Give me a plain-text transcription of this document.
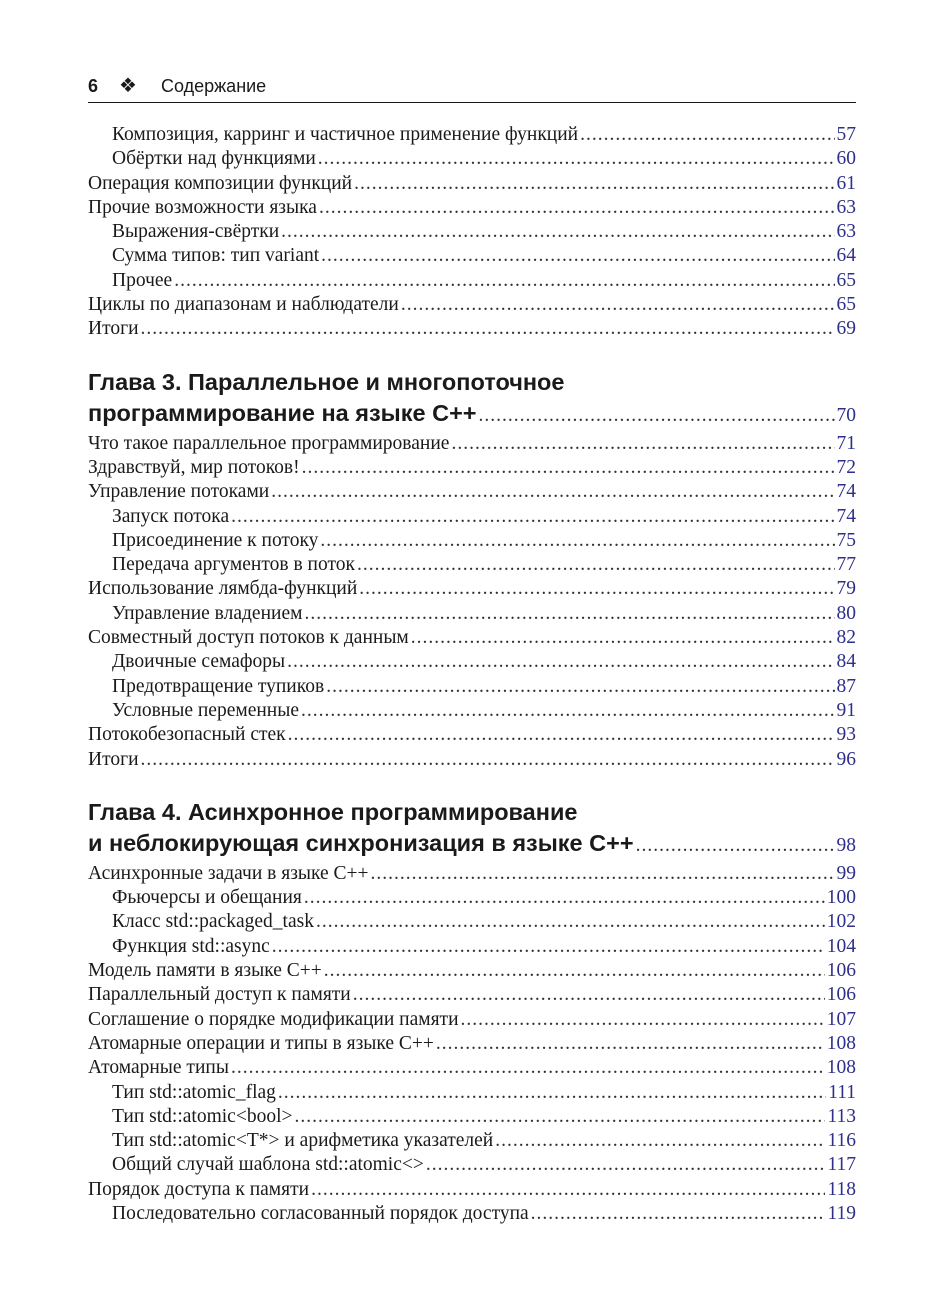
6 ❖ Содержание
Композиция, карринг и частичное применение функций .....	57
Обёртки над функциями .....	60
Операция композиции функций .....	61
Прочие возможности языка .....	63
Выражения-свёртки .....	63
Сумма типов: тип variant .....	64
Прочее .....	65
Циклы по диапазонам и наблюдатели .....	65
Итоги .....	69
Глава 3. Параллельное и многопоточное
программирование на языке C++ .....	70
Что такое параллельное программирование .....	71
Здравствуй, мир потоков! .....	72
Управление потоками .....	74
Запуск потока .....	74
Присоединение к потоку .....	75
Передача аргументов в поток .....	77
Использование лямбда-функций .....	79
Управление владением .....	80
Совместный доступ потоков к данным .....	82
Двоичные семафоры .....	84
Предотвращение тупиков .....	87
Условные переменные .....	91
Потокобезопасный стек .....	93
Итоги .....	96
Глава 4. Асинхронное программирование
и неблокирующая синхронизация в языке C++ .....	98
Асинхронные задачи в языке C++ .....	99
Фьючерсы и обещания .....	100
Класс std::packaged_task .....	102
Функция std::async .....	104
Модель памяти в языке C++ .....	106
Параллельный доступ к памяти .....	106
Соглашение о порядке модификации памяти .....	107
Атомарные операции и типы в языке C++ .....	108
Атомарные типы .....	108
Тип std::atomic_flag .....	111
Тип std::atomic<bool> .....	113
Тип std::atomic<T*> и арифметика указателей .....	116
Общий случай шаблона std::atomic<> .....	117
Порядок доступа к памяти .....	118
Последовательно согласованный порядок доступа .....	119
